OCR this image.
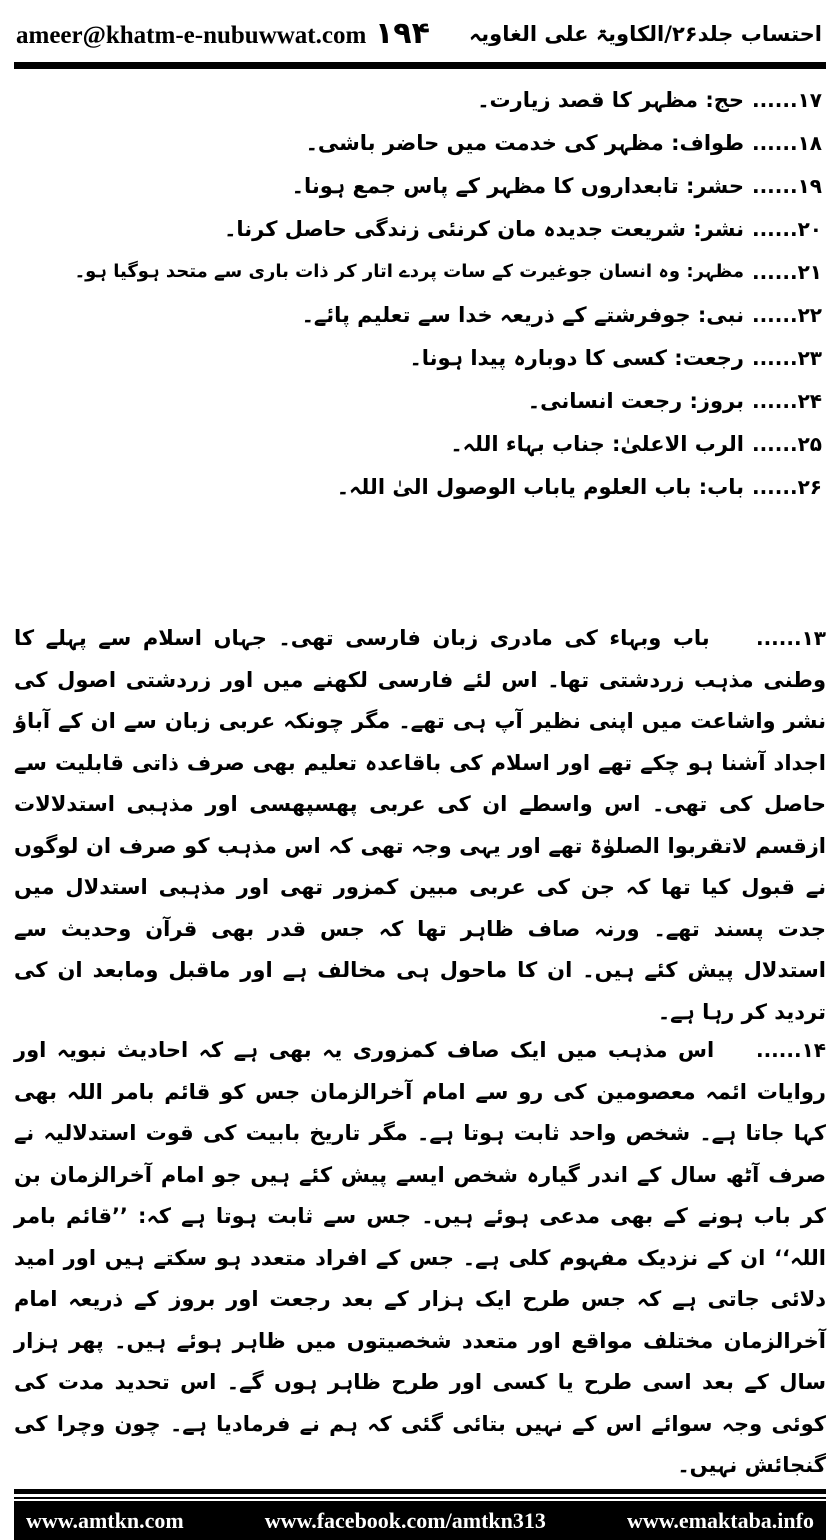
ameer@khatm-e-nubuwwat.com ۱۹۴ احتساب جلد۲۶/الکاویۃ علی الغاویہ
۱۷......
حج: مظہر کا قصد زیارت۔
۱۸......
طواف: مظہر کی خدمت میں حاضر باشی۔
۱۹......
حشر: تابعداروں کا مظہر کے پاس جمع ہونا۔
۲۰......
نشر: شریعت جدیدہ مان کرنئی زندگی حاصل کرنا۔
۲۱......
مظہر: وہ انسان جوغیرت کے سات پردے اتار کر ذات باری سے متحد ہوگیا ہو۔
۲۲......
نبی: جوفرشتے کے ذریعہ خدا سے تعلیم پائے۔
۲۳......
رجعت: کسی کا دوبارہ پیدا ہونا۔
۲۴......
بروز: رجعت انسانی۔
۲۵......
الرب الاعلیٰ: جناب بہاء اللہ۔
۲۶......
باب: باب العلوم یاباب الوصول الیٰ اللہ۔

۱۳......    باب وبہاء کی مادری زبان فارسی تھی۔ جہاں اسلام سے پہلے کا وطنی مذہب زردشتی تھا۔ اس لئے فارسی لکھنے میں اور زردشتی اصول کی نشر واشاعت میں اپنی نظیر آپ ہی تھے۔ مگر چونکہ عربی زبان سے ان کے آباؤ اجداد آشنا ہو چکے تھے اور اسلام کی باقاعدہ تعلیم بھی صرف ذاتی قابلیت سے حاصل کی تھی۔ اس واسطے ان کی عربی پھسپھسی اور مذہبی استدلالات ازقسم لاتقربوا الصلوٰۃ تھے اور یہی وجہ تھی کہ اس مذہب کو صرف ان لوگوں نے قبول کیا تھا کہ جن کی عربی مبین کمزور تھی اور مذہبی استدلال میں جدت پسند تھے۔ ورنہ صاف ظاہر تھا کہ جس قدر بھی قرآن وحدیث سے استدلال پیش کئے ہیں۔ ان کا ماحول ہی مخالف ہے اور ماقبل ومابعد ان کی تردید کر رہا ہے۔

۱۴......    اس مذہب میں ایک صاف کمزوری یہ بھی ہے کہ احادیث نبویہ اور روایات ائمہ معصومین کی رو سے امام آخرالزمان جس کو قائم بامر اللہ بھی کہا جاتا ہے۔ شخص واحد ثابت ہوتا ہے۔ مگر تاریخ بابیت کی قوت استدلالیہ نے صرف آٹھ سال کے اندر گیارہ شخص ایسے پیش کئے ہیں جو امام آخرالزمان بن کر باب ہونے کے بھی مدعی ہوئے ہیں۔ جس سے ثابت ہوتا ہے کہ: ’’قائم بامر اللہ‘‘ ان کے نزدیک مفہوم کلی ہے۔ جس کے افراد متعدد ہو سکتے ہیں اور امید دلائی جاتی ہے کہ جس طرح ایک ہزار کے بعد رجعت اور بروز کے ذریعہ امام آخرالزمان مختلف مواقع اور متعدد شخصیتوں میں ظاہر ہوئے ہیں۔ پھر ہزار سال کے بعد اسی طرح یا کسی اور طرح ظاہر ہوں گے۔ اس تحدید مدت کی کوئی وجہ سوائے اس کے نہیں بتائی گئی کہ ہم نے فرمادیا ہے۔ چون وچرا کی گنجائش نہیں۔

www.amtkn.com	www.facebook.com/amtkn313	www.emaktaba.info
